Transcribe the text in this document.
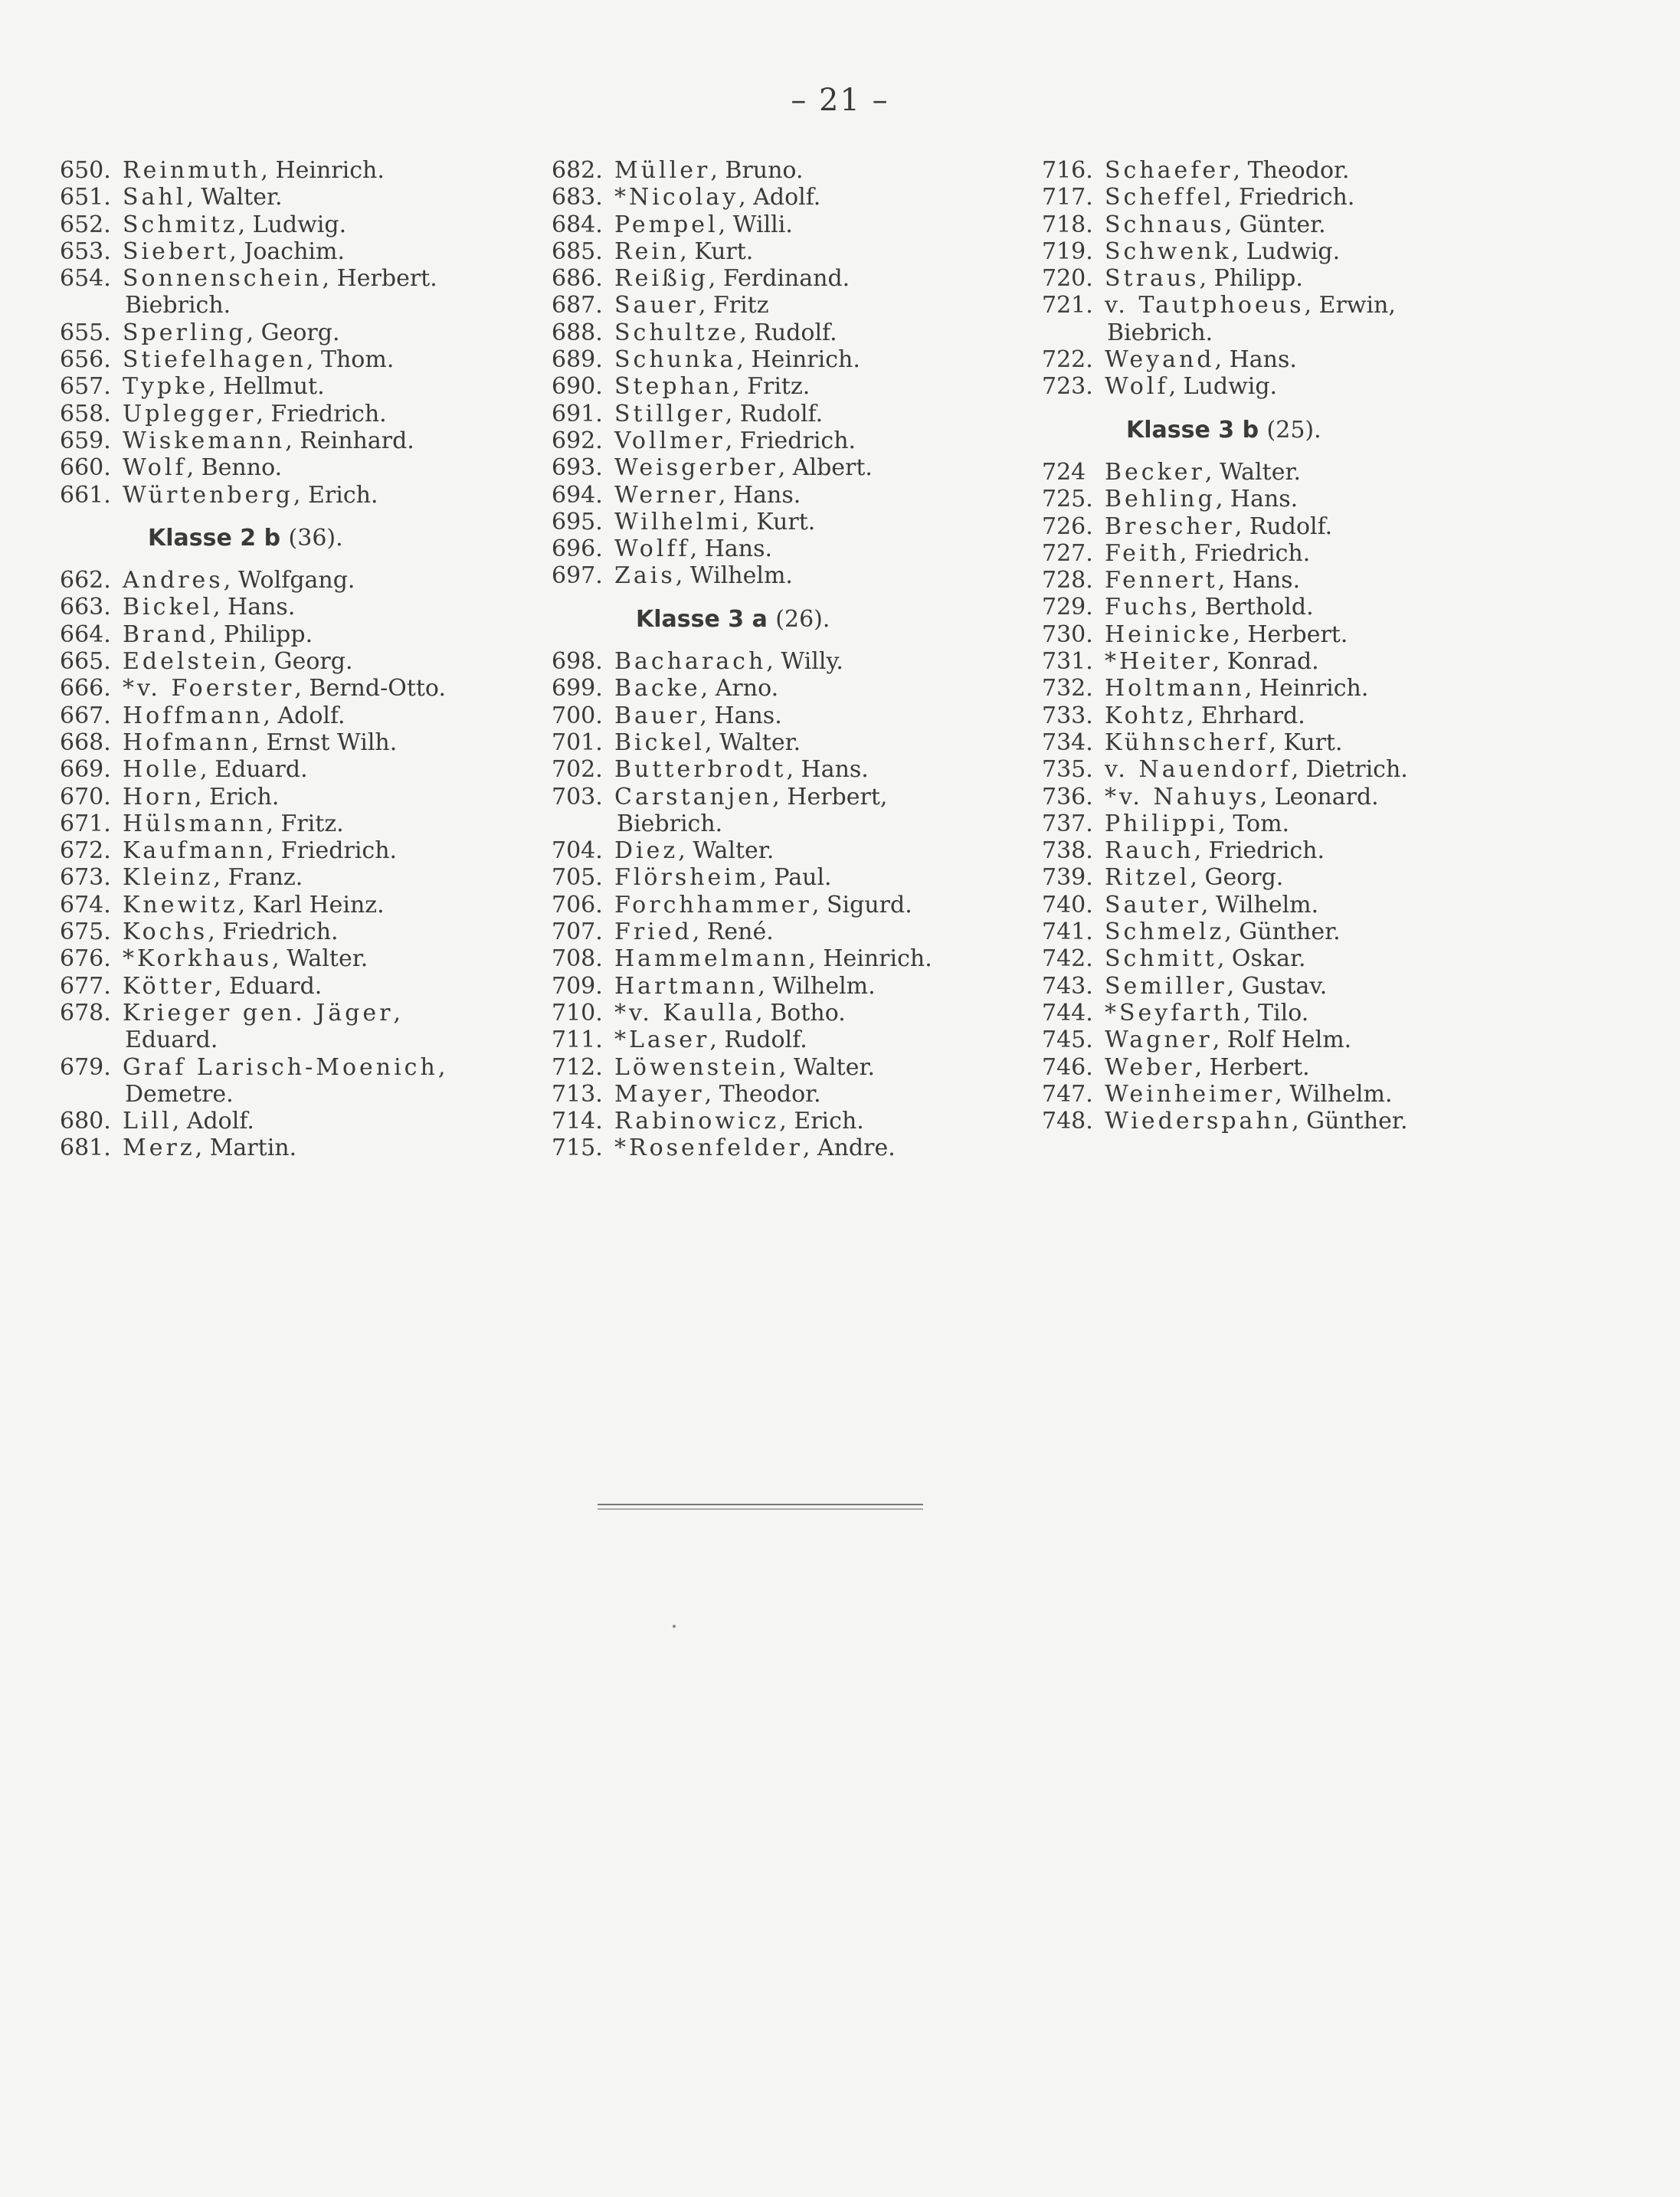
– 21 –
650. Reinmuth, Heinrich.
651. Sahl, Walter.
652. Schmitz, Ludwig.
653. Siebert, Joachim.
654. Sonnenschein, Herbert.
Biebrich.
655. Sperling, Georg.
656. Stiefelhagen, Thom.
657. Typke, Hellmut.
658. Uplegger, Friedrich.
659. Wiskemann, Reinhard.
660. Wolf, Benno.
661. Würtenberg, Erich.
Klasse 2 b (36).
662. Andres, Wolfgang.
663. Bickel, Hans.
664. Brand, Philipp.
665. Edelstein, Georg.
666. *v. Foerster, Bernd-Otto.
667. Hoffmann, Adolf.
668. Hofmann, Ernst Wilh.
669. Holle, Eduard.
670. Horn, Erich.
671. Hülsmann, Fritz.
672. Kaufmann, Friedrich.
673. Kleinz, Franz.
674. Knewitz, Karl Heinz.
675. Kochs, Friedrich.
676. *Korkhaus, Walter.
677. Kötter, Eduard.
678. Krieger gen. Jäger,
Eduard.
679. Graf Larisch-Moenich,
Demetre.
680. Lill, Adolf.
681. Merz, Martin.
682. Müller, Bruno.
683. *Nicolay, Adolf.
684. Pempel, Willi.
685. Rein, Kurt.
686. Reißig, Ferdinand.
687. Sauer, Fritz
688. Schultze, Rudolf.
689. Schunka, Heinrich.
690. Stephan, Fritz.
691. Stillger, Rudolf.
692. Vollmer, Friedrich.
693. Weisgerber, Albert.
694. Werner, Hans.
695. Wilhelmi, Kurt.
696. Wolff, Hans.
697. Zais, Wilhelm.
Klasse 3 a (26).
698. Bacharach, Willy.
699. Backe, Arno.
700. Bauer, Hans.
701. Bickel, Walter.
702. Butterbrodt, Hans.
703. Carstanjen, Herbert,
Biebrich.
704. Diez, Walter.
705. Flörsheim, Paul.
706. Forchhammer, Sigurd.
707. Fried, René.
708. Hammelmann, Heinrich.
709. Hartmann, Wilhelm.
710. *v. Kaulla, Botho.
711. *Laser, Rudolf.
712. Löwenstein, Walter.
713. Mayer, Theodor.
714. Rabinowicz, Erich.
715. *Rosenfelder, Andre.
716. Schaefer, Theodor.
717. Scheffel, Friedrich.
718. Schnaus, Günter.
719. Schwenk, Ludwig.
720. Straus, Philipp.
721. v. Tautphoeus, Erwin,
Biebrich.
722. Weyand, Hans.
723. Wolf, Ludwig.
Klasse 3 b (25).
724 Becker, Walter.
725. Behling, Hans.
726. Brescher, Rudolf.
727. Feith, Friedrich.
728. Fennert, Hans.
729. Fuchs, Berthold.
730. Heinicke, Herbert.
731. *Heiter, Konrad.
732. Holtmann, Heinrich.
733. Kohtz, Ehrhard.
734. Kühnscherf, Kurt.
735. v. Nauendorf, Dietrich.
736. *v. Nahuys, Leonard.
737. Philippi, Tom.
738. Rauch, Friedrich.
739. Ritzel, Georg.
740. Sauter, Wilhelm.
741. Schmelz, Günther.
742. Schmitt, Oskar.
743. Semiller, Gustav.
744. *Seyfarth, Tilo.
745. Wagner, Rolf Helm.
746. Weber, Herbert.
747. Weinheimer, Wilhelm.
748. Wiederspahn, Günther.
